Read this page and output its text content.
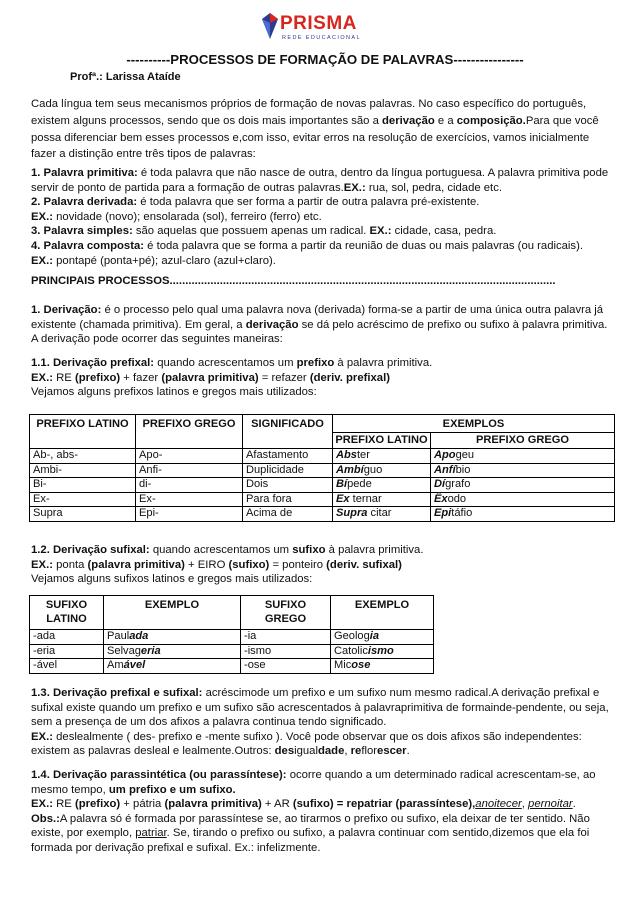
PRISMA
REDE EDUCACIONAL
----------PROCESSOS DE FORMAÇÃO DE PALAVRAS----------------
Profª.: Larissa Ataíde

Cada língua tem seus mecanismos próprios de formação de novas palavras. No caso específico do português, existem alguns processos, sendo que os dois mais importantes são a derivação e a composição.Para que você possa diferenciar bem esses processos e,com isso, evitar erros na resolução de exercícios, vamos inicialmente fazer a distinção entre três tipos de palavras:

1. Palavra primitiva: é toda palavra que não nasce de outra, dentro da língua portuguesa. A palavra primitiva pode servir de ponto de partida para a formação de outras palavras.EX.: rua, sol, pedra, cidade etc.

2. Palavra derivada: é toda palavra que ser forma a partir de outra palavra pré-existente.

EX.: novidade (novo); ensolarada (sol), ferreiro (ferro) etc.

3. Palavra simples: são aquelas que possuem apenas um radical. EX.: cidade, casa, pedra.

4. Palavra composta: é toda palavra que se forma a partir da reunião de duas ou mais palavras (ou radicais).

EX.: pontapé (ponta+pé); azul-claro (azul+claro).

PRINCIPAIS PROCESSOS...........................................................................................................................

1. Derivação: é o processo pelo qual uma palavra nova (derivada) forma-se a partir de uma única outra palavra já existente (chamada primitiva). Em geral, a derivação se dá pelo acréscimo de prefixo ou sufixo à palavra primitiva. A derivação pode ocorrer das seguintes maneiras:

1.1. Derivação prefixal: quando acrescentamos um prefixo à palavra primitiva.

EX.: RE (prefixo) + fazer (palavra primitiva) = refazer (deriv. prefixal)

Vejamos alguns prefixos latinos e gregos mais utilizados:

PREFIXO LATINO	PREFIXO GREGO	SIGNIFICADO	EXEMPLOS	
			PREFIXO LATINO	PREFIXO GREGO
Ab-, abs-	Apo-	Afastamento	Abster	Apogeu
Ambi-	Anfi-	Duplicidade	Ambíguo	Anfíbio
Bi-	di-	Dois	Bípede	Dígrafo
Ex-	Ex-	Para fora	Ex ternar	Êxodo
Supra	Epi-	Acima de	Supra citar	Epitáfio

1.2. Derivação sufixal: quando acrescentamos um sufixo à palavra primitiva.

EX.: ponta (palavra primitiva) + EIRO (sufixo) = ponteiro (deriv. sufixal)

Vejamos alguns sufixos latinos e gregos mais utilizados:

SUFIXO LATINO	EXEMPLO	SUFIXO GREGO	EXEMPLO
-ada	Paulada	-ia	Geologia
-eria	Selvageria	-ismo	Catolicismo
-ável	Amável	-ose	Micose

1.3. Derivação prefixal e sufixal: acréscimode um prefixo e um sufixo num mesmo radical.A derivação prefixal e sufixal existe quando um prefixo e um sufixo são acrescentados à palavraprimitiva de formainde-pendente, ou seja, sem a presença de um dos afixos a palavra continua tendo significado.

EX.: deslealmente ( des- prefixo e -mente sufixo ). Você pode observar que os dois afixos são independentes: existem as palavras desleal e lealmente.Outros: desigualdade, reflorescer.

1.4. Derivação parassintética (ou parassíntese): ocorre quando a um determinado radical acrescentam-se, ao mesmo tempo, um prefixo e um sufixo.

EX.: RE (prefixo) + pátria (palavra primitiva) + AR (sufixo) = repatriar (parassíntese),anoitecer, pernoitar.

Obs.:A palavra só é formada por parassíntese se, ao tirarmos o prefixo ou sufixo, ela deixar de ter sentido. Não existe, por exemplo, patriar. Se, tirando o prefixo ou sufixo, a palavra continuar com sentido,dizemos que ela foi formada por derivação prefixal e sufixal. Ex.: infelizmente.
